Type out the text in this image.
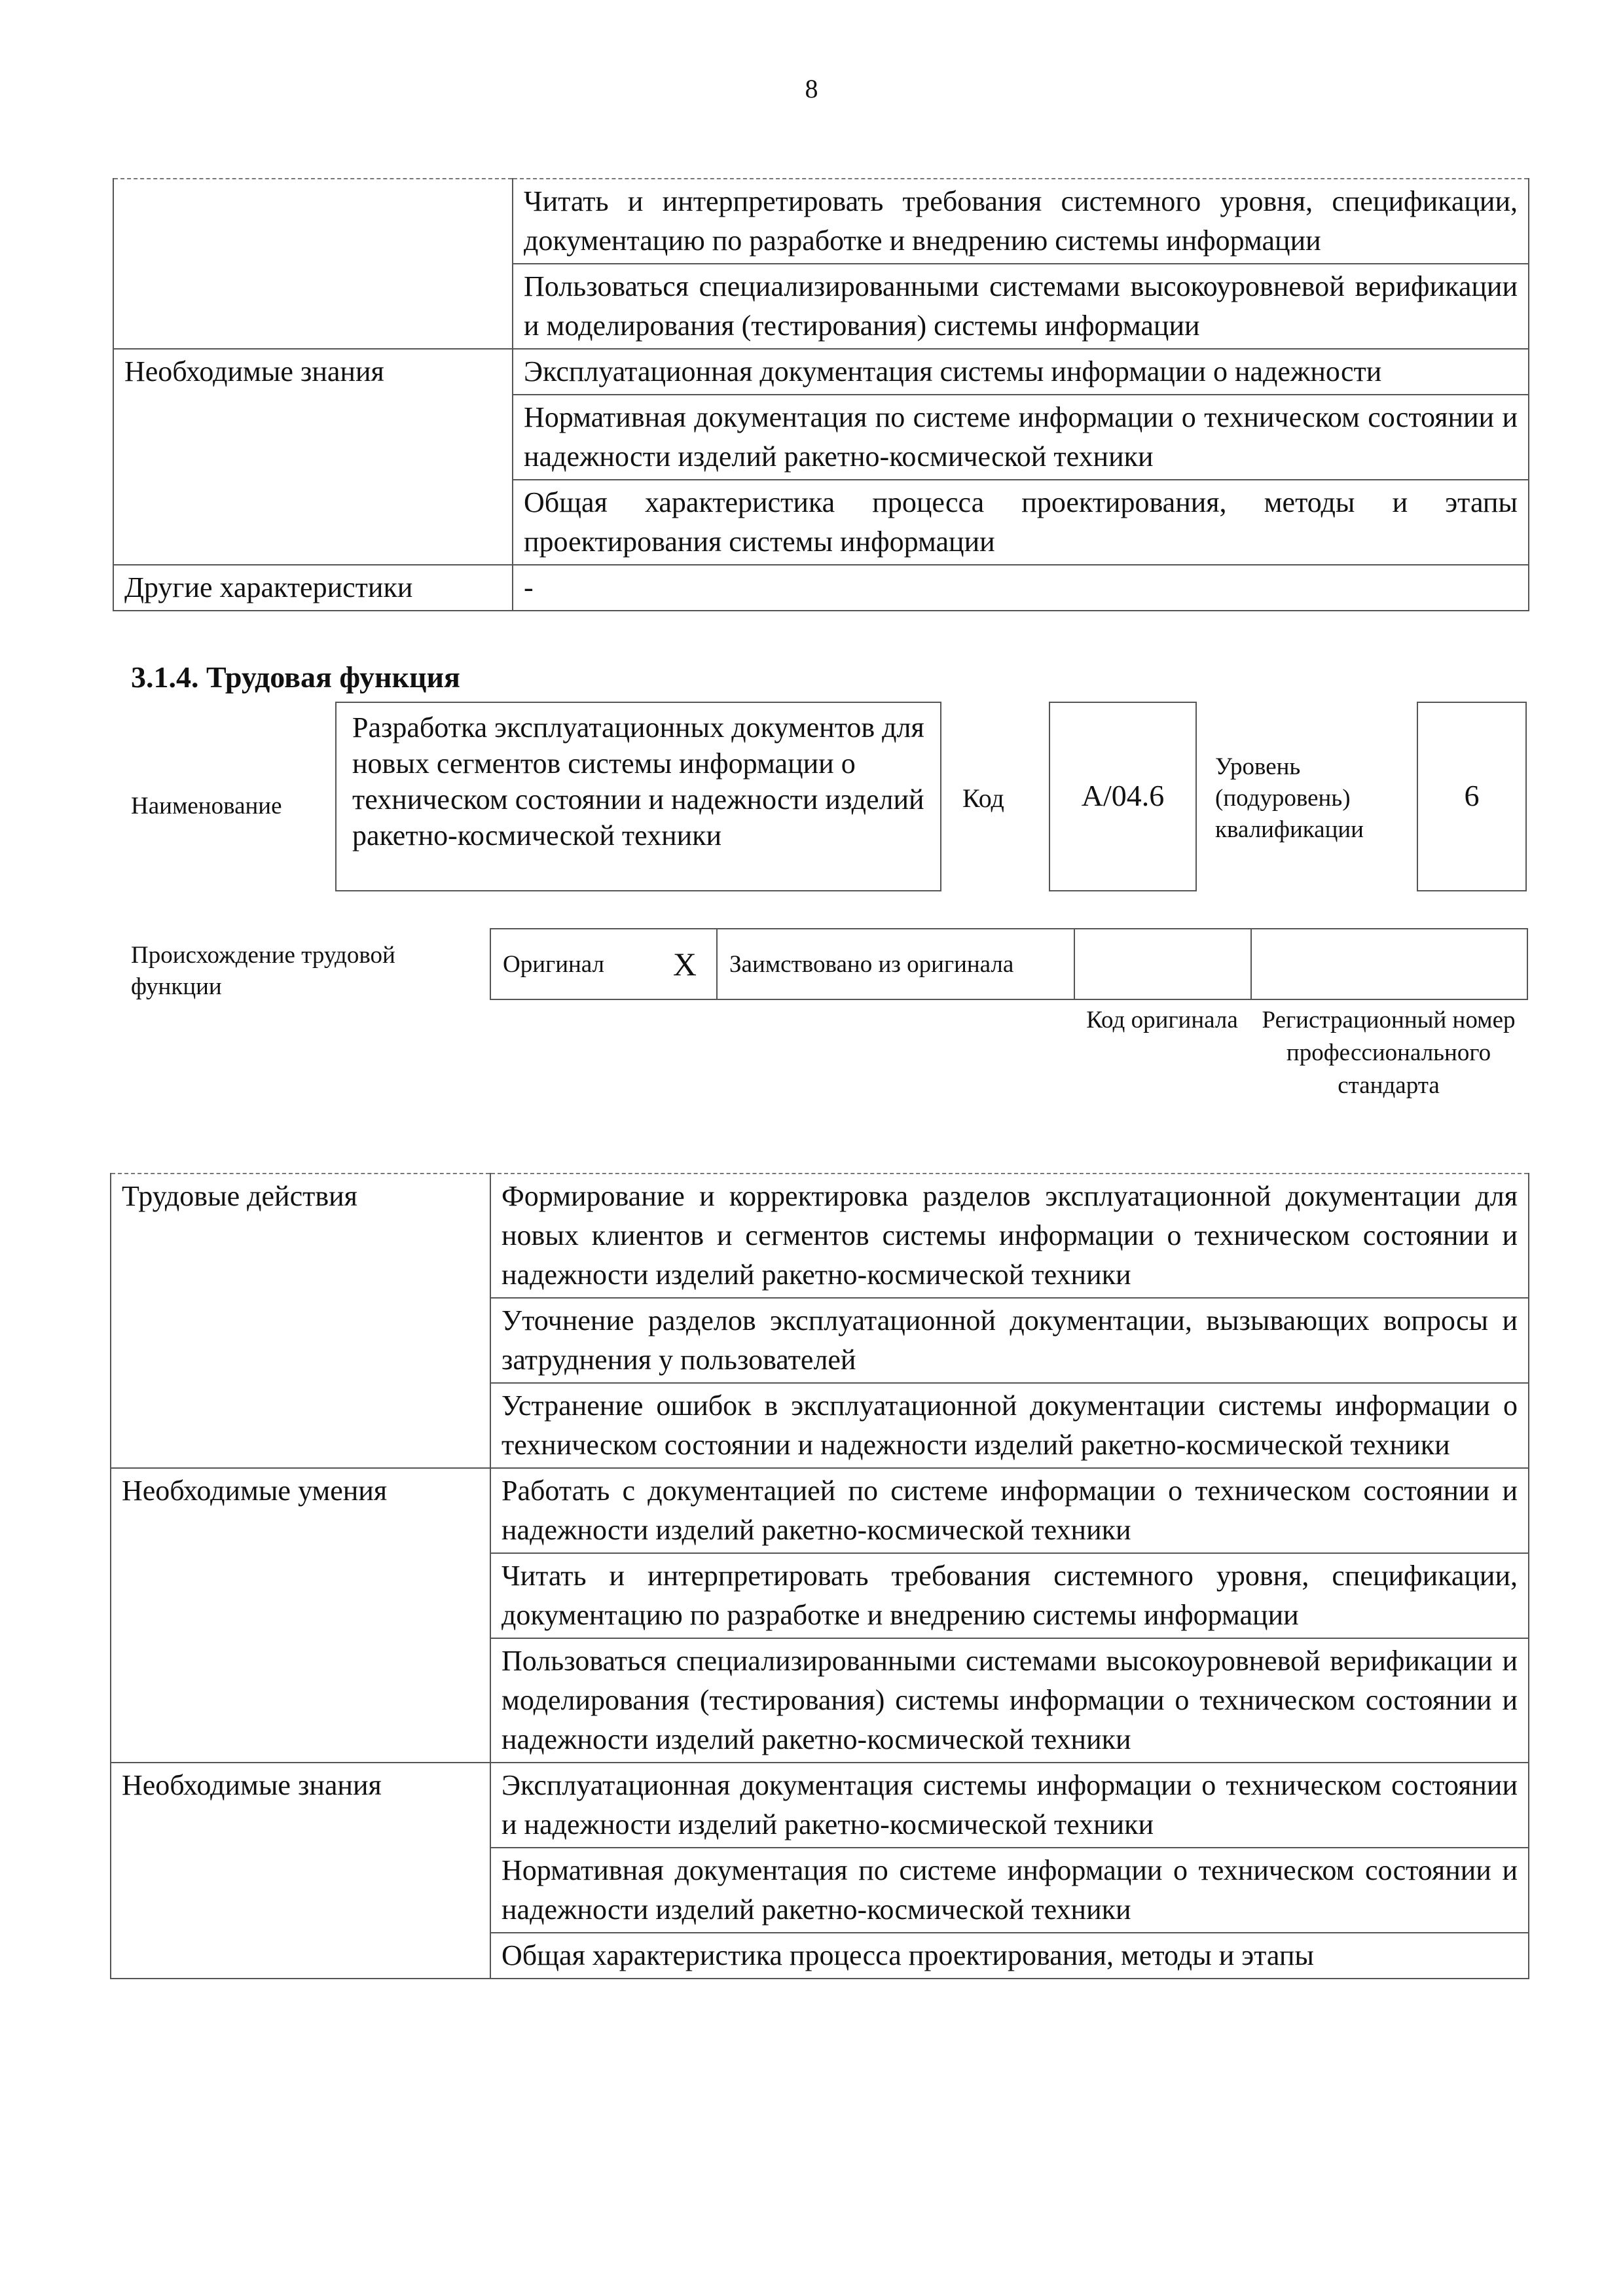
8
	Читать и интерпретировать требования системного уровня, спецификации, документацию по разработке и внедрению системы информации
	Пользоваться специализированными системами высокоуровневой верификации и моделирования (тестирования) системы информации
Необходимые знания	Эксплуатационная документация системы информации о надежности
	Нормативная документация по системе информации о техническом состоянии и надежности изделий ракетно-космической техники
	Общая характеристика процесса проектирования, методы и этапы проектирования системы информации
Другие характеристики	-
3.1.4. Трудовая функция
Наименование
Разработка эксплуатационных документов для новых сегментов системы информации о техническом состоянии и надежности изделий ракетно-космической техники
Код	A/04.6
Уровень (подуровень) квалификации
6
Происхождение трудовой функции
Оригинал X Заимствовано из оригинала
Код оригинала Регистрационный номер профессионального стандарта
Трудовые действия	Формирование и корректировка разделов эксплуатационной документации для новых клиентов и сегментов системы информации о техническом состоянии и надежности изделий ракетно-космической техники
	Уточнение разделов эксплуатационной документации, вызывающих вопросы и затруднения у пользователей
	Устранение ошибок в эксплуатационной документации системы информации о техническом состоянии и надежности изделий ракетно-космической техники
Необходимые умения	Работать с документацией по системе информации о техническом состоянии и надежности изделий ракетно-космической техники
	Читать и интерпретировать требования системного уровня, спецификации, документацию по разработке и внедрению системы информации
	Пользоваться специализированными системами высокоуровневой верификации и моделирования (тестирования) системы информации о техническом состоянии и надежности изделий ракетно-космической техники
Необходимые знания	Эксплуатационная документация системы информации о техническом состоянии и надежности изделий ракетно-космической техники
	Нормативная документация по системе информации о техническом состоянии и надежности изделий ракетно-космической техники
	Общая характеристика процесса проектирования, методы и этапы
